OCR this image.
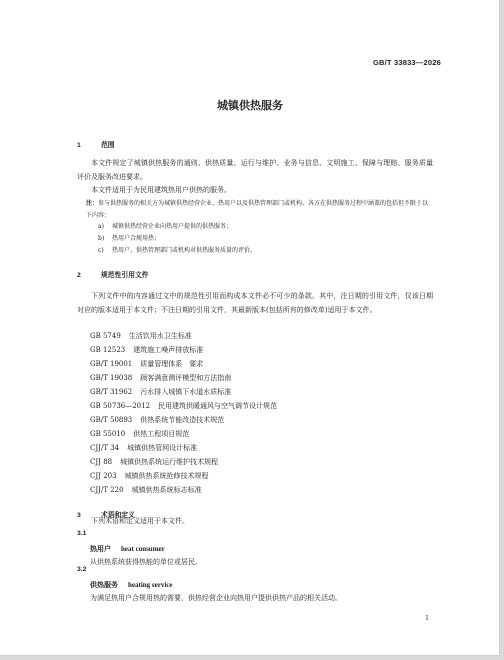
GB/T 33833—2026
城镇供热服务
1	范围
本文件规定了城镇供热服务的通则、供热质量、运行与维护、业务与信息、文明施工、保障与理赔、服务质量评价及服务改进要求。
本文件适用于为民用建筑热用户供热的服务。
注：参与供热服务的相关方为城镇供热经营企业、热用户以及供热管理部门或机构。各方在供热服务过程中涵盖的包括但不限于以下内容：
a) 城镇供热经营企业向热用户提供的供热服务；
b) 热用户合规用热；
c) 热用户、供热管理部门或机构对供热服务质量的评价。
2	规范性引用文件
下列文件中的内容通过文中的规范性引用而构成本文件必不可少的条款。其中，注日期的引用文件，仅该日期对应的版本适用于本文件；不注日期的引用文件，其最新版本(包括所有的修改单)适用于本文件。
GB 5749 生活饮用水卫生标准
GB 12523 建筑施工噪声排放标准
GB/T 19001 质量管理体系　要求
GB/T 19038 顾客满意测评模型和方法指南
GB/T 31962 污水排入城镇下水道水质标准
GB 50736—2012 民用建筑供暖通风与空气调节设计规范
GB/T 50893 供热系统节能改造技术规范
GB 55010 供热工程项目规范
CJJ/T 34 城镇供热管网设计标准
CJJ 88 城镇供热系统运行维护技术规程
CJJ 203 城镇供热系统抢修技术规程
CJJ/T 220 城镇供热系统标志标准
3	术语和定义
下列术语和定义适用于本文件。
3.1
热用户 heat consumer
从供热系统获得热能的单位或居民。
3.2
供热服务 heating service
为满足热用户合规用热的需要，供热经营企业向热用户提供供热产品的相关活动。
1
